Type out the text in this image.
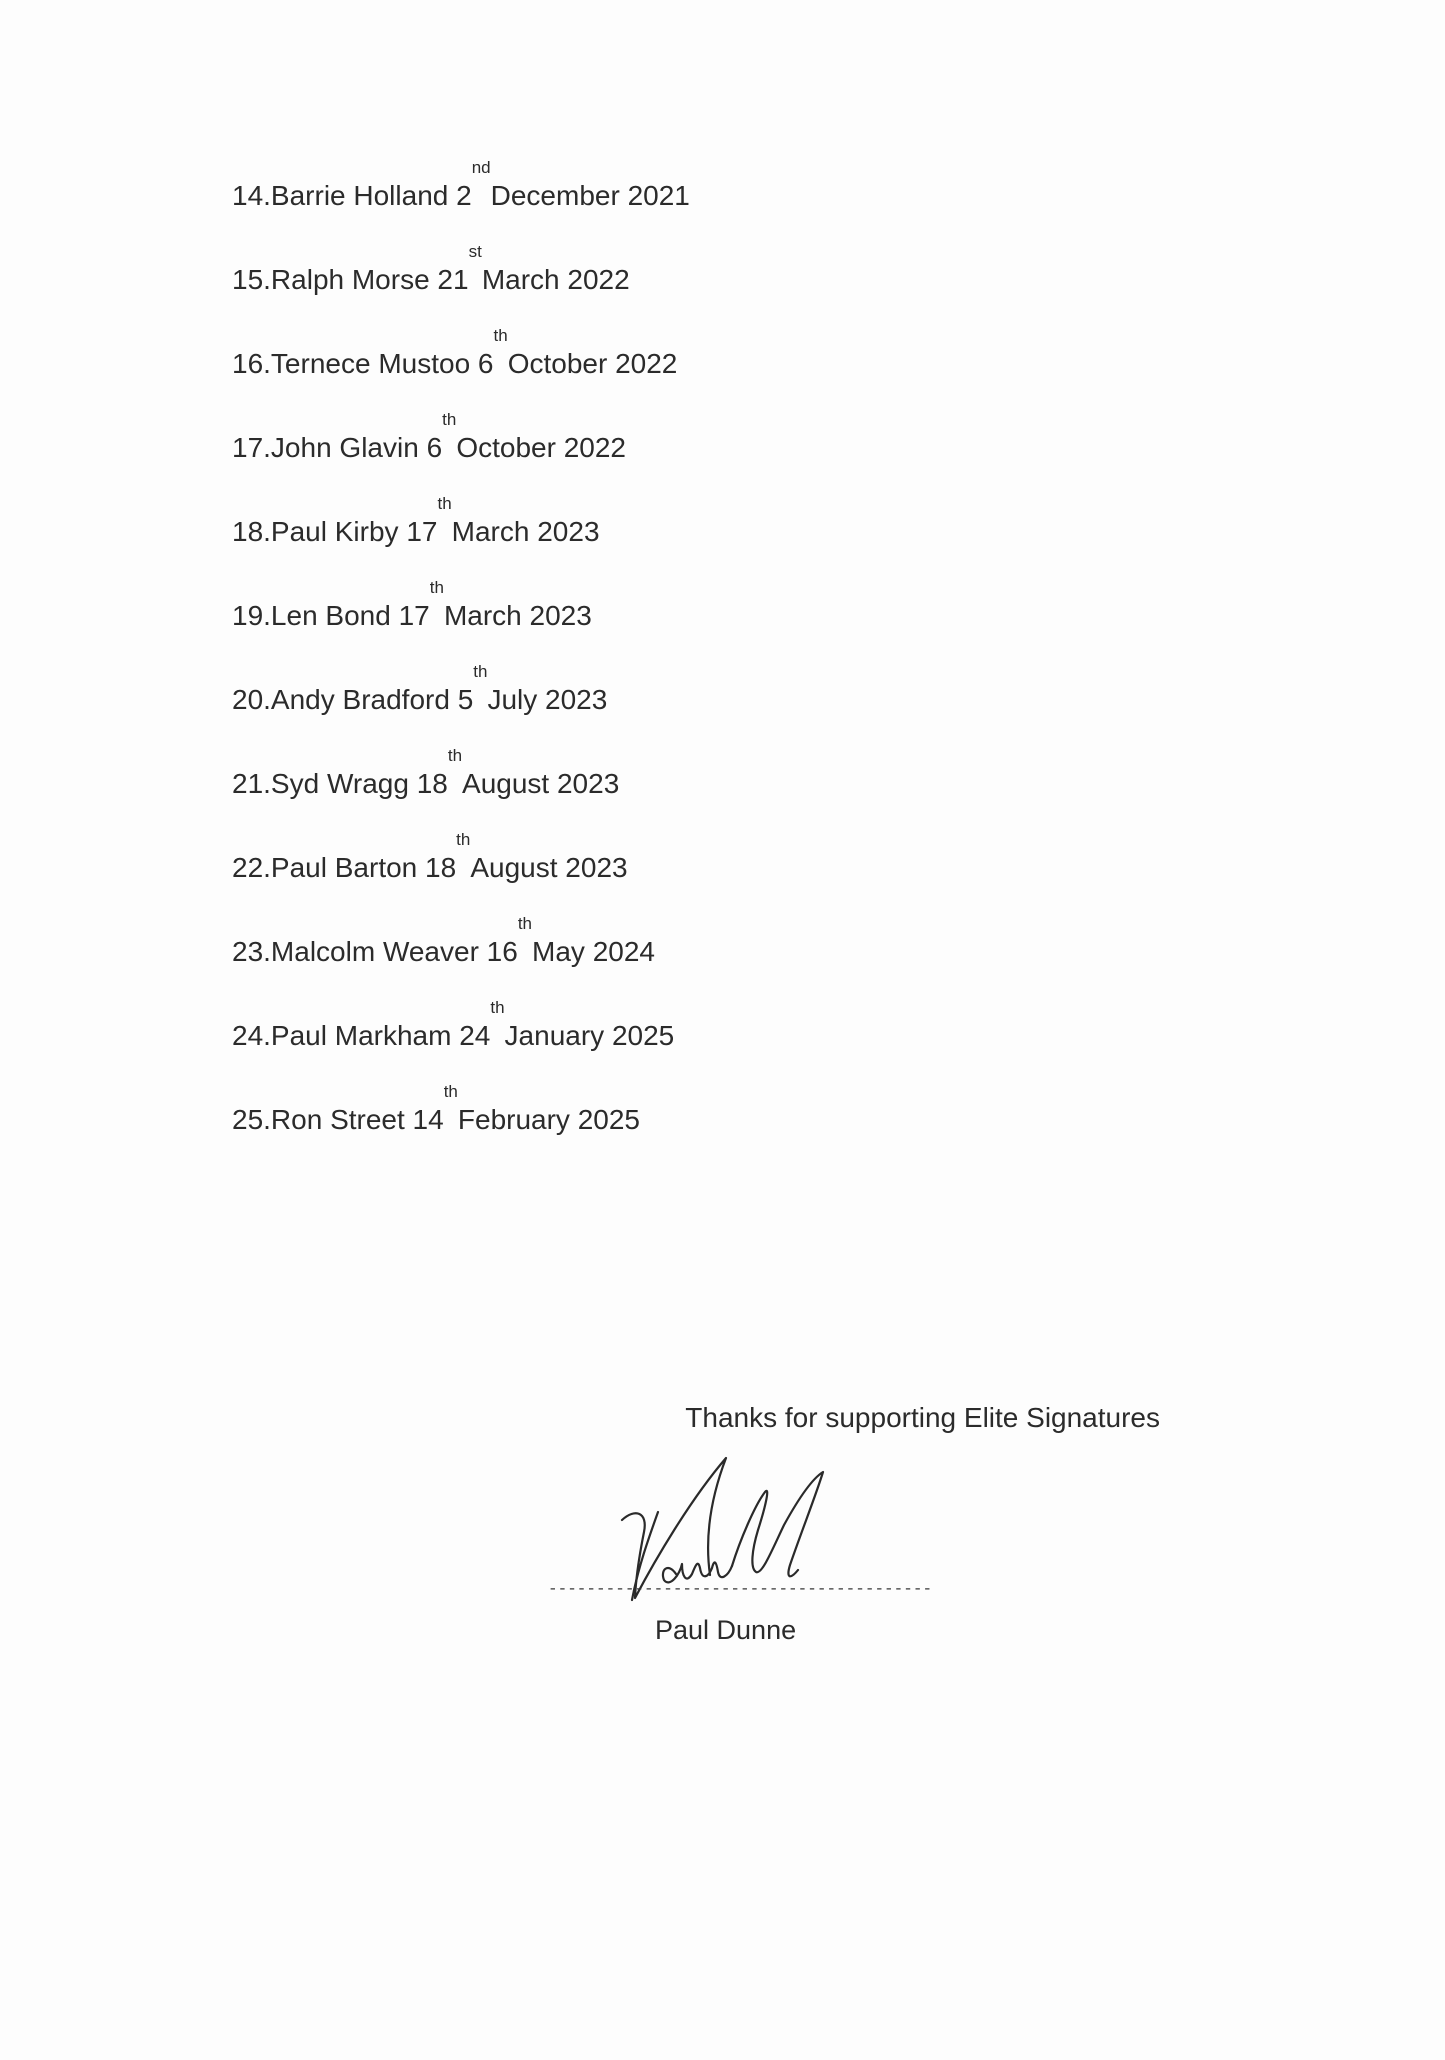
14.Barrie Holland 2
$^{nd}$
December 2021
15.Ralph Morse 21
$^{st}$
March 2022
16.Ternece Mustoo 6
$^{th}$
October 2022
17.John Glavin 6
$^{th}$
October 2022
18.Paul Kirby 17
$^{th}$
March 2023
19.Len Bond 17
$^{th}$
March 2023
20.Andy Bradford 5
$^{th}$
July 2023
21.Syd Wragg 18
$^{th}$
August 2023
22.Paul Barton 18
$^{th}$
August 2023
23.Malcolm Weaver 16
$^{th}$
May 2024
24.Paul Markham 24
$^{th}$
January 2025
25.Ron Street 14
$^{th}$
February 2025
Thanks for supporting Elite Signatures
----------------------------------------
Paul Dunne
